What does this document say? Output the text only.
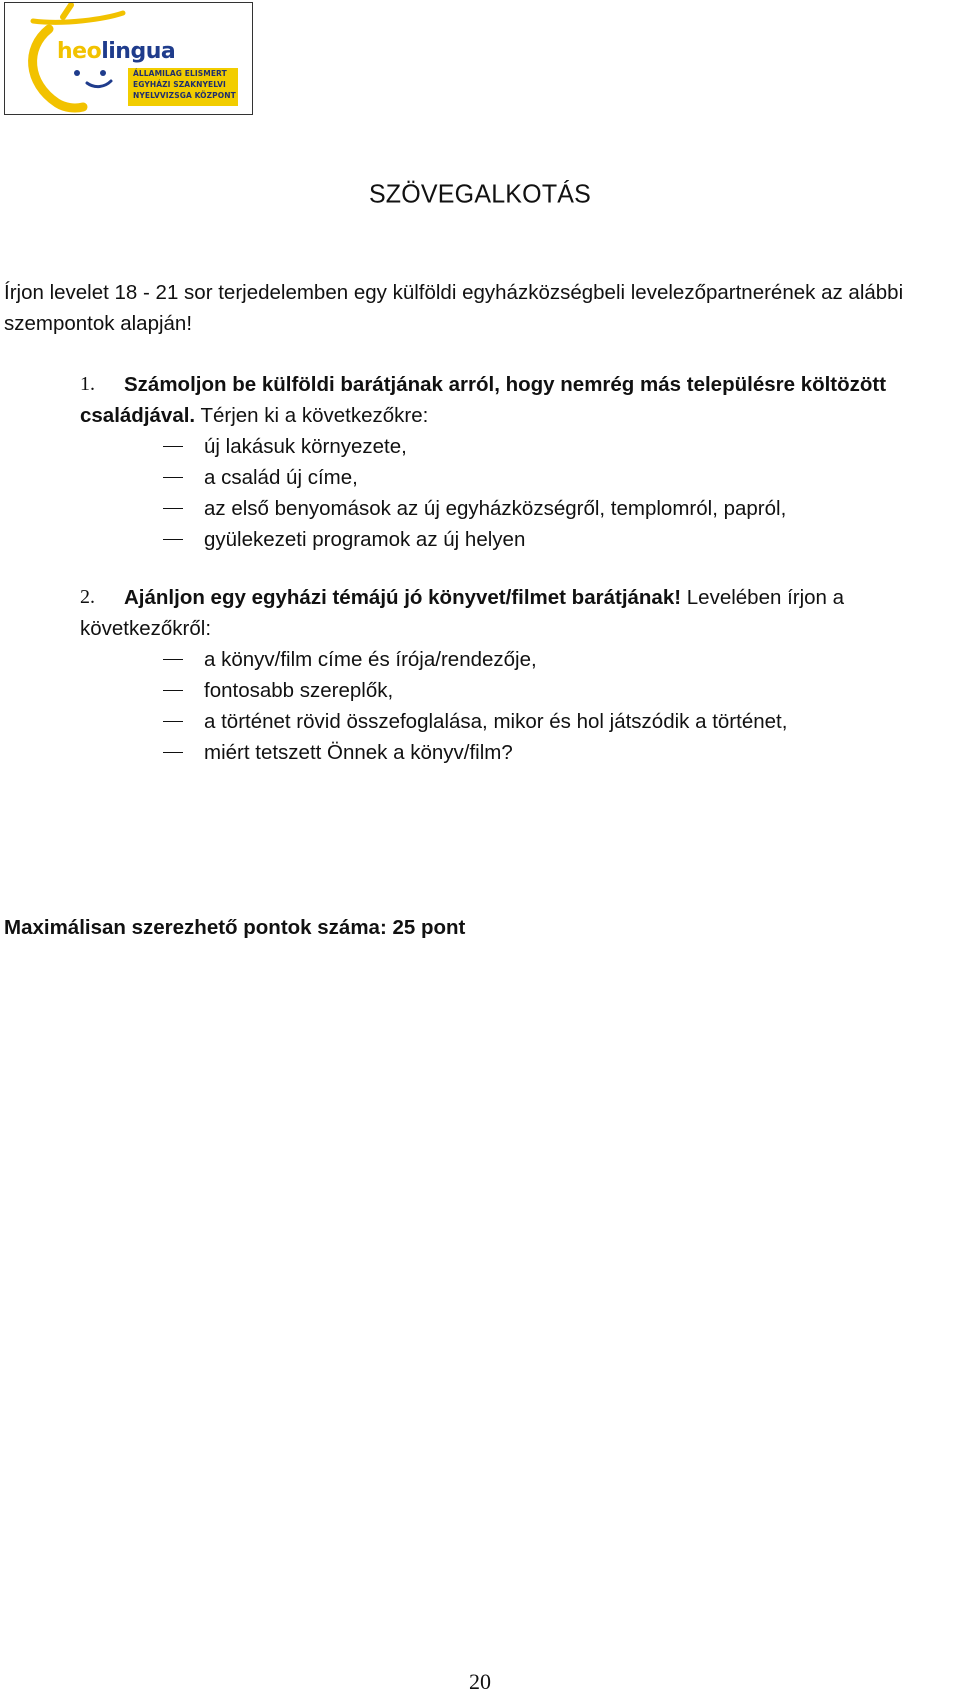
heolingua
ÁLLAMILAG ELISMERT
EGYHÁZI SZAKNYELVI
NYELVVIZSGA KÖZPONT
SZÖVEGALKOTÁS

Írjon levelet 18 - 21 sor terjedelemben egy külföldi egyházközségbeli levelezőpartnerének az alábbi szempontok alapján!

1.	Számoljon be külföldi barátjának arról, hogy nemrég más településre költözött
családjával. Térjen ki a következőkre:
új lakásuk környezete,
a család új címe,
az első benyomások az új egyházközségről, templomról, papról,
gyülekezeti programok az új helyen
2.	Ajánljon egy egyházi témájú jó könyvet/filmet barátjának! Levelében írjon a
következőkről:
a könyv/film címe és írója/rendezője,
fontosabb szereplők,
a történet rövid összefoglalása, mikor és hol játszódik a történet,
miért tetszett Önnek a könyv/film?

Maximálisan szerezhető pontok száma: 25 pont

20
